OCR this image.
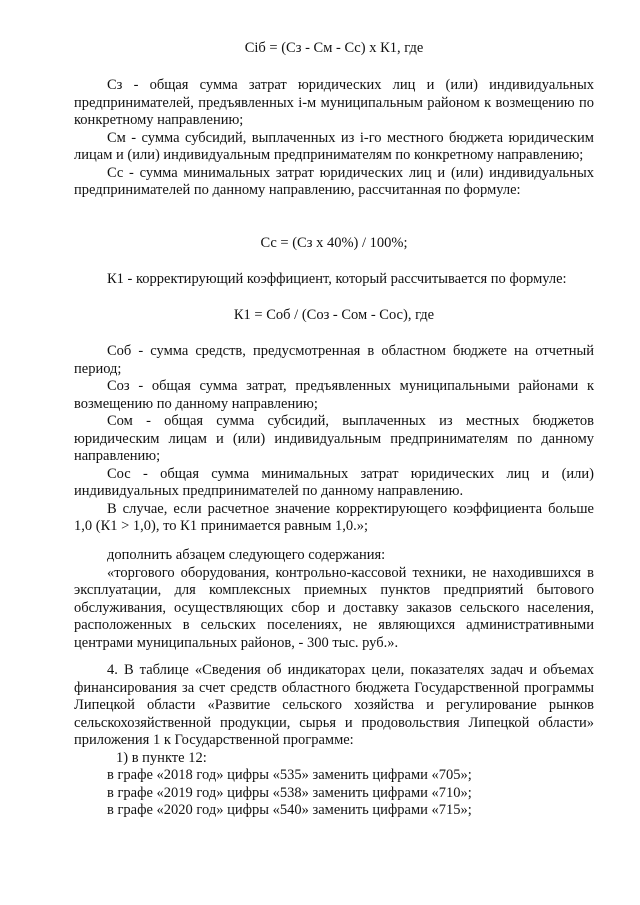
Сiб = (Сз - См - Сс) х К1, где

Сз - общая сумма затрат юридических лиц и (или) индивидуальных предпринимателей, предъявленных i-м муниципальным районом к возмещению по конкретному направлению;

См - сумма субсидий, выплаченных из i-го местного бюджета юридическим лицам и (или) индивидуальным предпринимателям по конкретному направлению;

Сс - сумма минимальных затрат юридических лиц и (или) индивидуальных предпринимателей по данному направлению, рассчитанная по формуле:

Сс = (Сз х 40%) / 100%;

К1 - корректирующий коэффициент, который рассчитывается по формуле:

К1 = Соб / (Соз - Сом - Сос), где

Соб - сумма средств, предусмотренная в областном бюджете на отчетный период;

Соз - общая сумма затрат, предъявленных муниципальными районами к возмещению по данному направлению;

Сом - общая сумма субсидий, выплаченных из местных бюджетов юридическим лицам и (или) индивидуальным предпринимателям по данному направлению;

Сос - общая сумма минимальных затрат юридических лиц и (или) индивидуальных предпринимателей по данному направлению.

В случае, если расчетное значение корректирующего коэффициента больше 1,0 (К1 > 1,0), то К1 принимается равным 1,0.»;

дополнить абзацем следующего содержания:

«торгового оборудования, контрольно-кассовой техники, не находившихся в эксплуатации, для комплексных приемных пунктов предприятий бытового обслуживания, осуществляющих сбор и доставку заказов сельского населения, расположенных в сельских поселениях, не являющихся административными центрами муниципальных районов, - 300 тыс. руб.».

4. В таблице «Сведения об индикаторах цели, показателях задач и объемах финансирования за счет средств областного бюджета Государственной программы Липецкой области «Развитие сельского хозяйства и регулирование рынков сельскохозяйственной продукции, сырья и продовольствия Липецкой области» приложения 1 к Государственной программе:

1) в пункте 12:

в графе «2018 год» цифры «535» заменить цифрами «705»;

в графе «2019 год» цифры «538» заменить цифрами «710»;

в графе «2020 год» цифры «540» заменить цифрами «715»;
